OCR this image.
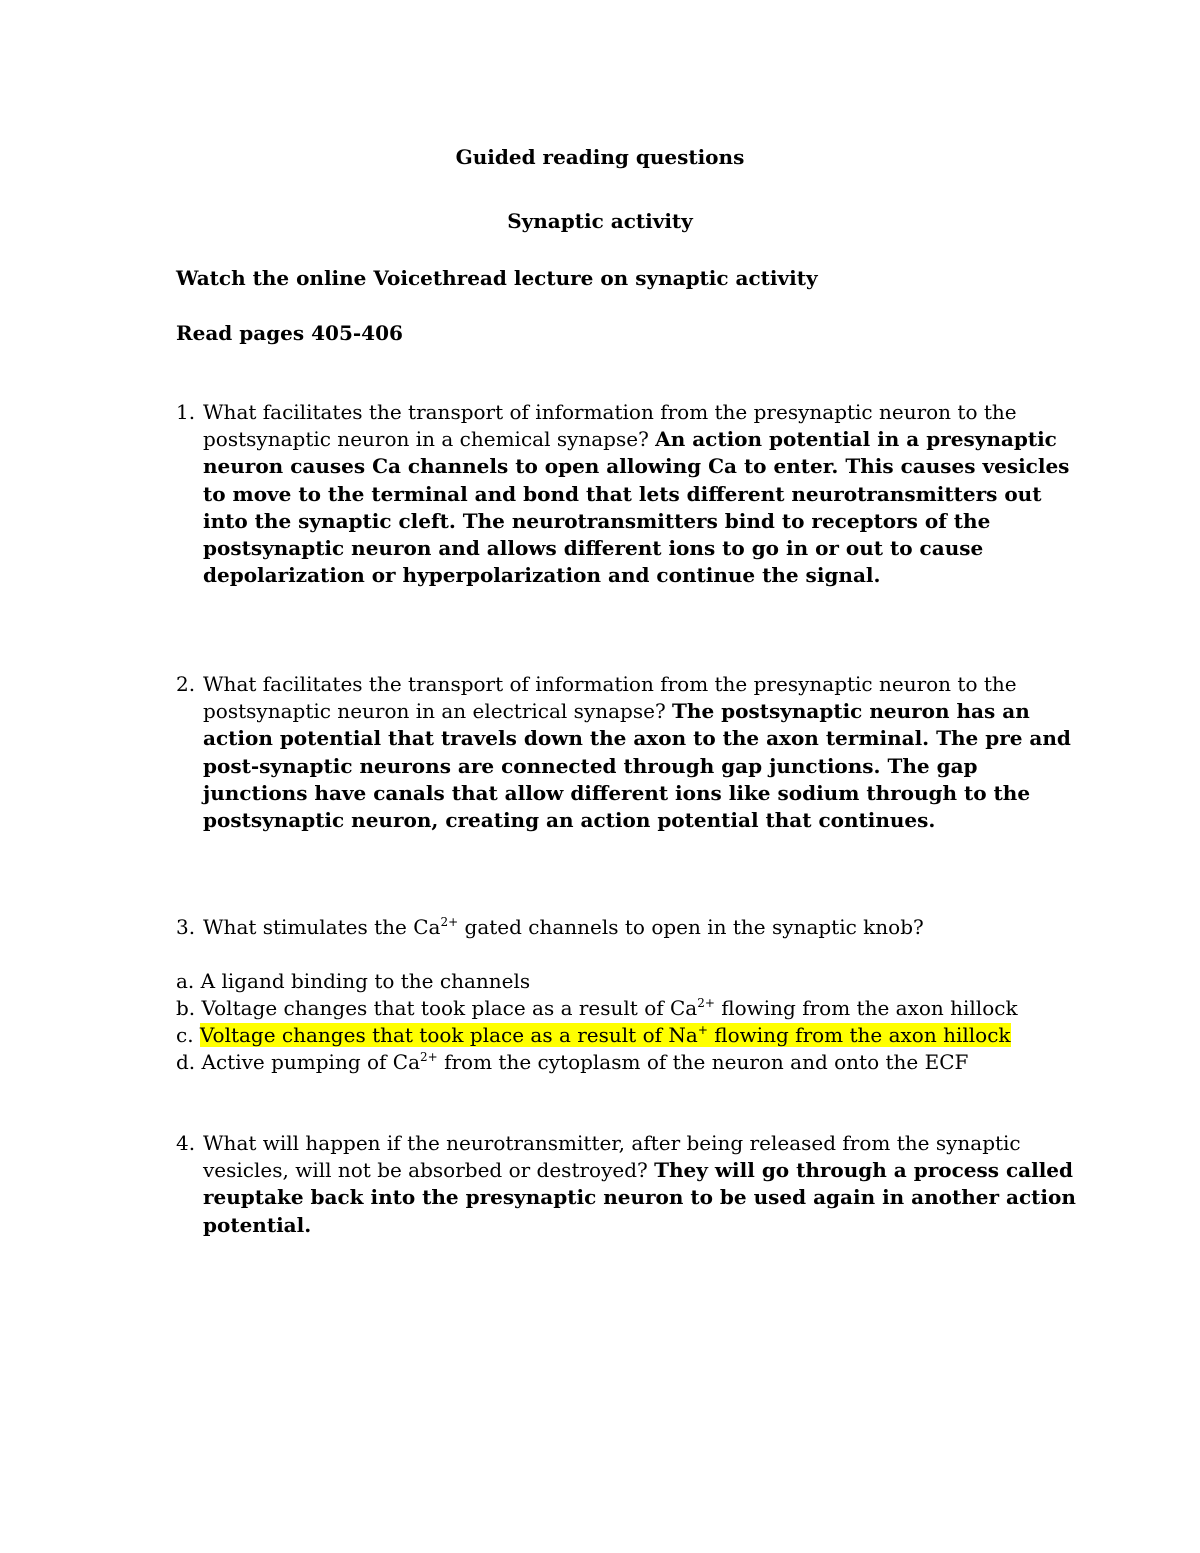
Guided reading questions
Synaptic activity
Watch the online Voicethread lecture on synaptic activity
Read pages 405-406
1. What facilitates the transport of information from the presynaptic neuron to the postsynaptic neuron in a chemical synapse? An action potential in a presynaptic neuron causes Ca channels to open allowing Ca to enter. This causes vesicles to move to the terminal and bond that lets different neurotransmitters out into the synaptic cleft. The neurotransmitters bind to receptors of the postsynaptic neuron and allows different ions to go in or out to cause depolarization or hyperpolarization and continue the signal.
2. What facilitates the transport of information from the presynaptic neuron to the postsynaptic neuron in an electrical synapse? The postsynaptic neuron has an action potential that travels down the axon to the axon terminal. The pre and post-synaptic neurons are connected through gap junctions. The gap junctions have canals that allow different ions like sodium through to the postsynaptic neuron, creating an action potential that continues.
3. What stimulates the $Ca^{2+}$ gated channels to open in the synaptic knob?
a. A ligand binding to the channels
b. Voltage changes that took place as a result of $Ca^{2+}$ flowing from the axon hillock
c. Voltage changes that took place as a result of Na+ flowing from the axon hillock
d. Active pumping of $Ca^{2+}$ from the cytoplasm of the neuron and onto the ECF
4. What will happen if the neurotransmitter, after being released from the synaptic vesicles, will not be absorbed or destroyed? They will go through a process called reuptake back into the presynaptic neuron to be used again in another action potential.
